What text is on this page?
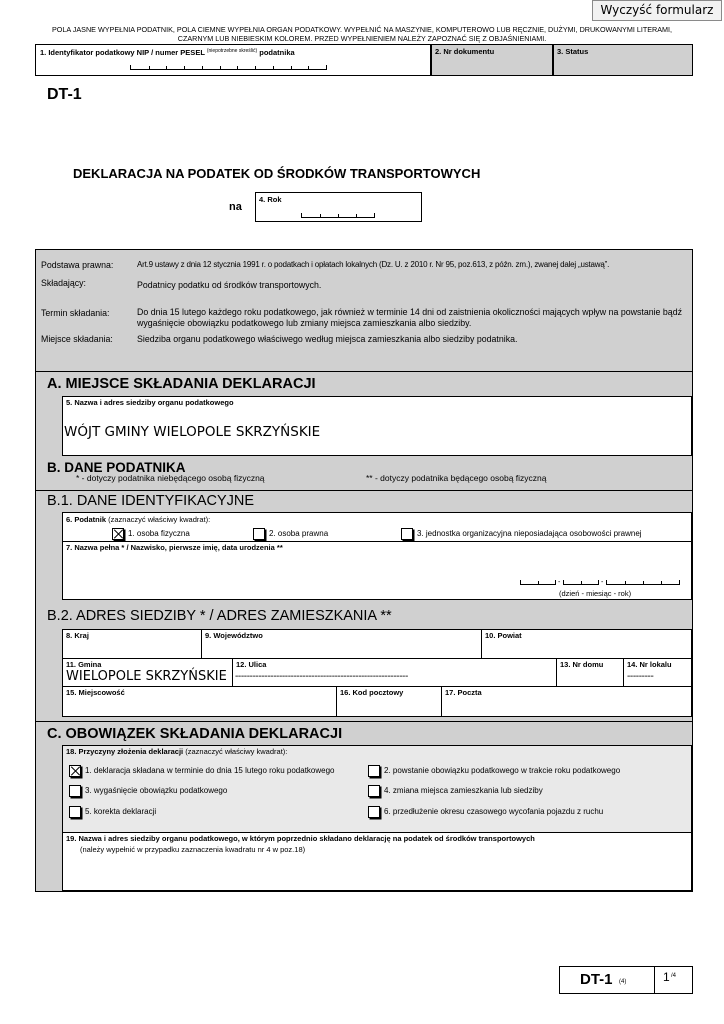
Wyczyść formularz
POLA JASNE WYPEŁNIA PODATNIK, POLA CIEMNE WYPEŁNIA ORGAN PODATKOWY. WYPEŁNIĆ NA MASZYNIE, KOMPUTEROWO LUB RĘCZNIE, DUŻYMI, DRUKOWANYMI LITERAMI, CZARNYM LUB NIEBIESKIM KOLOREM. PRZED WYPEŁNIENIEM NALEŻY ZAPOZNAĆ SIĘ Z OBJAŚNIENIAMI.
1. Identyfikator podatkowy NIP / numer PESEL $^{(niepotrzebne skreślić)}$ podatnika	2. Nr dokumentu	3. Status
DT-1
DEKLARACJA NA PODATEK OD ŚRODKÓW TRANSPORTOWYCH
na
4. Rok
Podstawa prawna:	Art.9 ustawy z dnia 12 stycznia 1991 r. o podatkach i opłatach lokalnych (Dz. U. z 2010 r. Nr 95, poz.613, z późn. zm.), zwanej dalej „ustawą”.
Składający:	Podatnicy podatku od środków transportowych.
Termin składania:	Do dnia 15 lutego każdego roku podatkowego, jak również w terminie 14 dni od zaistnienia okoliczności mających wpływ na powstanie bądź wygaśnięcie obowiązku podatkowego lub zmiany miejsca zamieszkania albo siedziby.
Miejsce składania:	Siedziba organu podatkowego właściwego według miejsca zamieszkania albo siedziby podatnika.
A. MIEJSCE SKŁADANIA DEKLARACJI
5. Nazwa i adres siedziby organu podatkowego
WÓJT GMINY WIELOPOLE SKRZYŃSKIE
B. DANE PODATNIKA
* - dotyczy podatnika niebędącego osobą fizyczną	** - dotyczy podatnika będącego osobą fizyczną
B.1. DANE IDENTYFIKACYJNE
6. Podatnik (zaznaczyć właściwy kwadrat):
1. osoba fizyczna	2. osoba prawna	3. jednostka organizacyjna nieposiadająca osobowości prawnej
7. Nazwa pełna * / Nazwisko, pierwsze imię, data urodzenia **
-	-
(dzień - miesiąc - rok)
B.2. ADRES SIEDZIBY * / ADRES ZAMIESZKANIA **
8. Kraj	9. Województwo	10. Powiat
11. Gmina
WIELOPOLE SKRZYŃSKIE
12. Ulica
-----------------------------------------------------------
13. Nr domu	14. Nr lokalu
---------
15. Miejscowość	16. Kod pocztowy	17. Poczta
C. OBOWIĄZEK SKŁADANIA DEKLARACJI
18. Przyczyny złożenia deklaracji (zaznaczyć właściwy kwadrat):
1. deklaracja składana w terminie do dnia 15 lutego roku podatkowego	2. powstanie obowiązku podatkowego w trakcie roku podatkowego
3. wygaśnięcie obowiązku podatkowego	4. zmiana miejsca zamieszkania lub siedziby
5. korekta deklaracji	6. przedłużenie okresu czasowego wycofania pojazdu z ruchu
19. Nazwa i adres siedziby organu podatkowego, w którym poprzednio składano deklarację na podatek od środków transportowych
(należy wypełnić w przypadku zaznaczenia kwadratu nr 4 w poz.18)
DT-1 (4)	1 /4
